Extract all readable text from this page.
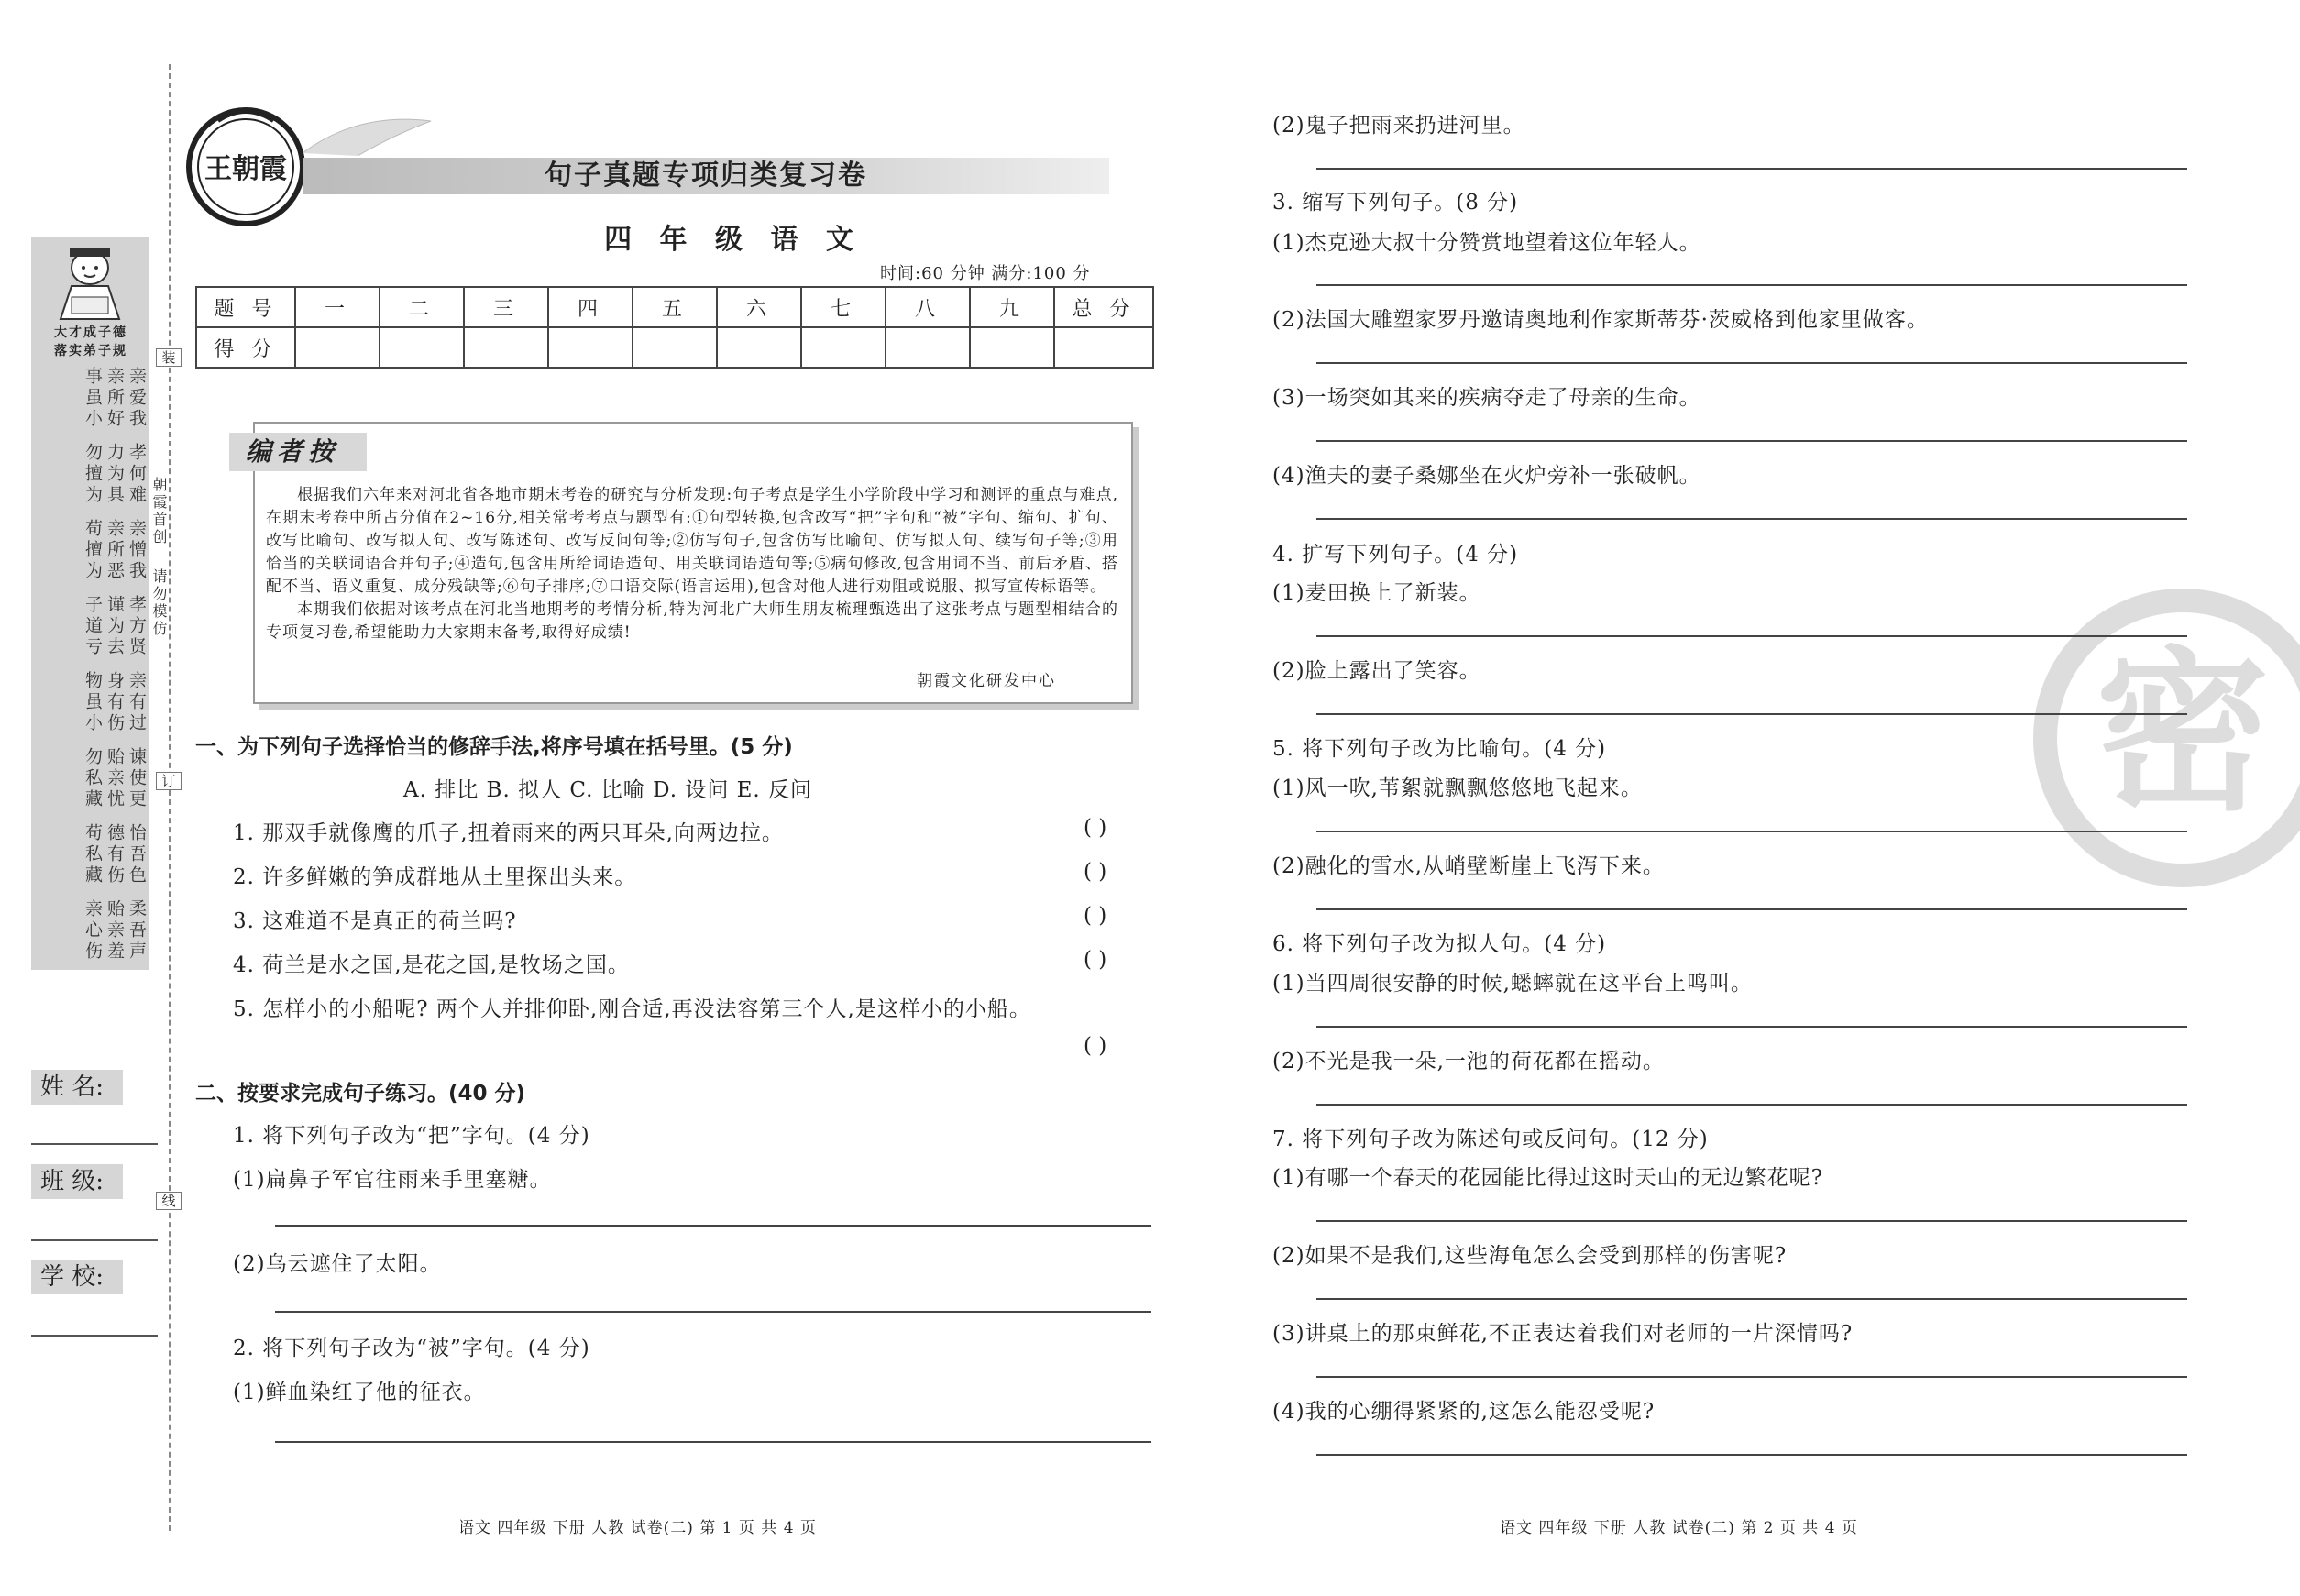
大才成子德
落实弟子规
亲爱我
亲所好
事虽小
孝何难
力为具
勿擅为
亲憎我
亲所恶
苟擅为
孝方贤
谨为去
子道亏
亲有过
身有伤
物虽小
谏使更
贻亲忧
勿私藏
怡吾色
德有伤
苟私藏
柔吾声
贻亲羞
亲心伤
姓 名:
班 级:
学 校:
装
订
线
朝霞首创
请勿模仿
王朝霞	句子真题专项归类复习卷
四 年 级 语 文
时间:60 分钟 满分:100 分
题 号	一	二	三	四	五	六	七	八	九	总 分
得 分										
编者按

根据我们六年来对河北省各地市期末考卷的研究与分析发现:句子考点是学生小学阶段中学习和测评的重点与难点,在期末考卷中所占分值在2~16分,相关常考考点与题型有:①句型转换,包含改写“把”字句和“被”字句、缩句、扩句、改写比喻句、改写拟人句、改写陈述句、改写反问句等;②仿写句子,包含仿写比喻句、仿写拟人句、续写句子等;③用恰当的关联词语合并句子;④造句,包含用所给词语造句、用关联词语造句等;⑤病句修改,包含用词不当、前后矛盾、搭配不当、语义重复、成分残缺等;⑥句子排序;⑦口语交际(语言运用),包含对他人进行劝阻或说服、拟写宣传标语等。

本期我们依据对该考点在河北当地期考的考情分析,特为河北广大师生朋友梳理甄选出了这张考点与题型相结合的专项复习卷,希望能助力大家期末备考,取得好成绩!

朝霞文化研发中心
一、为下列句子选择恰当的修辞手法,将序号填在括号里。(5 分)
A. 排比 B. 拟人 C. 比喻 D. 设问 E. 反问
1. 那双手就像鹰的爪子,扭着雨来的两只耳朵,向两边拉。	( )
2. 许多鲜嫩的笋成群地从土里探出头来。	( )
3. 这难道不是真正的荷兰吗?	( )
4. 荷兰是水之国,是花之国,是牧场之国。	( )
5. 怎样小的小船呢? 两个人并排仰卧,刚合适,再没法容第三个人,是这样小的小船。
( )
二、按要求完成句子练习。(40 分)
1. 将下列句子改为“把”字句。(4 分)
(1)扁鼻子军官往雨来手里塞糖。
(2)乌云遮住了太阳。
2. 将下列句子改为“被”字句。(4 分)
(1)鲜血染红了他的征衣。
语文 四年级 下册 人教 试卷(二) 第 1 页 共 4 页
密
(2)鬼子把雨来扔进河里。
3. 缩写下列句子。(8 分)
(1)杰克逊大叔十分赞赏地望着这位年轻人。
(2)法国大雕塑家罗丹邀请奥地利作家斯蒂芬·茨威格到他家里做客。
(3)一场突如其来的疾病夺走了母亲的生命。
(4)渔夫的妻子桑娜坐在火炉旁补一张破帆。
4. 扩写下列句子。(4 分)
(1)麦田换上了新装。
(2)脸上露出了笑容。
5. 将下列句子改为比喻句。(4 分)
(1)风一吹,苇絮就飘飘悠悠地飞起来。
(2)融化的雪水,从峭壁断崖上飞泻下来。
6. 将下列句子改为拟人句。(4 分)
(1)当四周很安静的时候,蟋蟀就在这平台上鸣叫。
(2)不光是我一朵,一池的荷花都在摇动。
7. 将下列句子改为陈述句或反问句。(12 分)
(1)有哪一个春天的花园能比得过这时天山的无边繁花呢?
(2)如果不是我们,这些海龟怎么会受到那样的伤害呢?
(3)讲桌上的那束鲜花,不正表达着我们对老师的一片深情吗?
(4)我的心绷得紧紧的,这怎么能忍受呢?
语文 四年级 下册 人教 试卷(二) 第 2 页 共 4 页
